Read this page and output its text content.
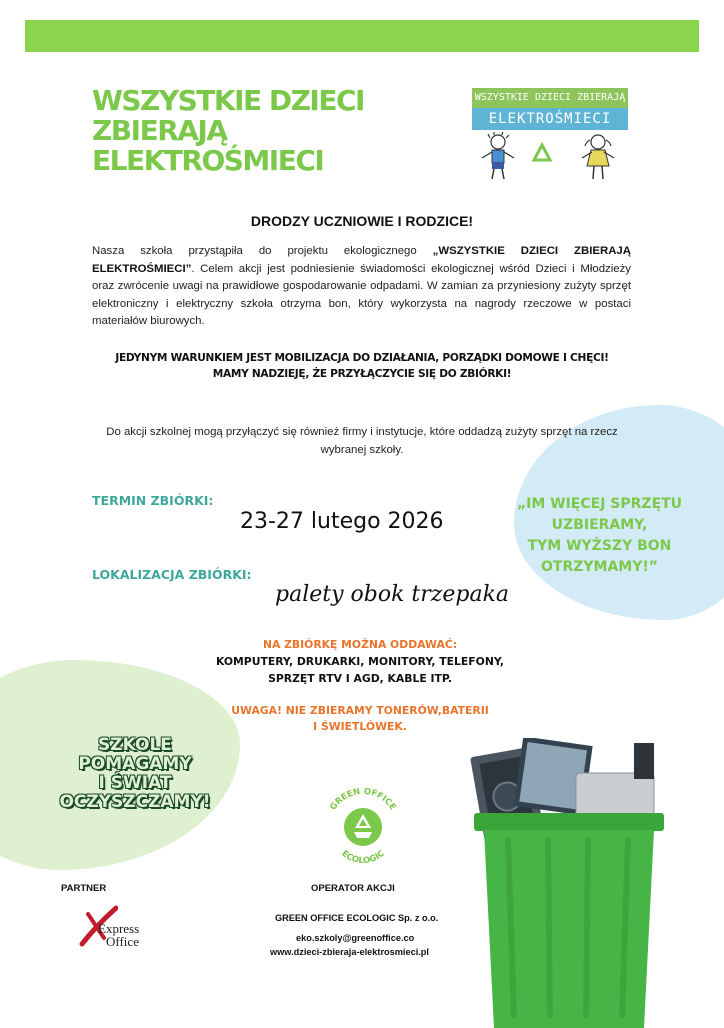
WSZYSTKIE DZIECI
ZBIERAJĄ
ELEKTROŚMIECI
WSZYSTKIE DZIECI ZBIERAJĄ
ELEKTROŚMIECI
DRODZY UCZNIOWIE I RODZICE!
Nasza szkoła przystąpiła do projektu ekologicznego „WSZYSTKIE DZIECI ZBIERAJĄ ELEKTROŚMIECI”. Celem akcji jest podniesienie świadomości ekologicznej wśród Dzieci i Młodzieży oraz zwrócenie uwagi na prawidłowe gospodarowanie odpadami. W zamian za przyniesiony zużyty sprzęt elektroniczny i elektryczny szkoła otrzyma bon, który wykorzysta na nagrody rzeczowe w postaci materiałów biurowych.
JEDYNYM WARUNKIEM JEST MOBILIZACJA DO DZIAŁANIA, PORZĄDKI DOMOWE I CHĘCI!
MAMY NADZIEJĘ, ŻE PRZYŁĄCZYCIE SIĘ DO ZBIÓRKI!
Do akcji szkolnej mogą przyłączyć się również firmy i instytucje, które oddadzą zużyty sprzęt na rzecz wybranej szkoły.
TERMIN ZBIÓRKI:
23-27 lutego 2026
LOKALIZACJA ZBIÓRKI:
palety obok trzepaka
„IM WIĘCEJ SPRZĘTU
UZBIERAMY,
TYM WYŻSZY BON
OTRZYMAMY!”
NA ZBIÓRKĘ MOŻNA ODDAWAĆ:
KOMPUTERY, DRUKARKI, MONITORY, TELEFONY,
SPRZĘT RTV I AGD, KABLE ITP.
UWAGA! NIE ZBIERAMY TONERÓW,BATERII
I ŚWIETLÓWEK.
SZKOLE
POMAGAMY
I ŚWIAT
OCZYSZCZAMY!	GREEN OFFICE
ECOLOGIC
PARTNER	OPERATOR AKCJI
Express
Office
GREEN OFFICE ECOLOGIC Sp. z o.o.
eko.szkoly@greenoffice.co
www.dzieci-zbieraja-elektrosmieci.pl
